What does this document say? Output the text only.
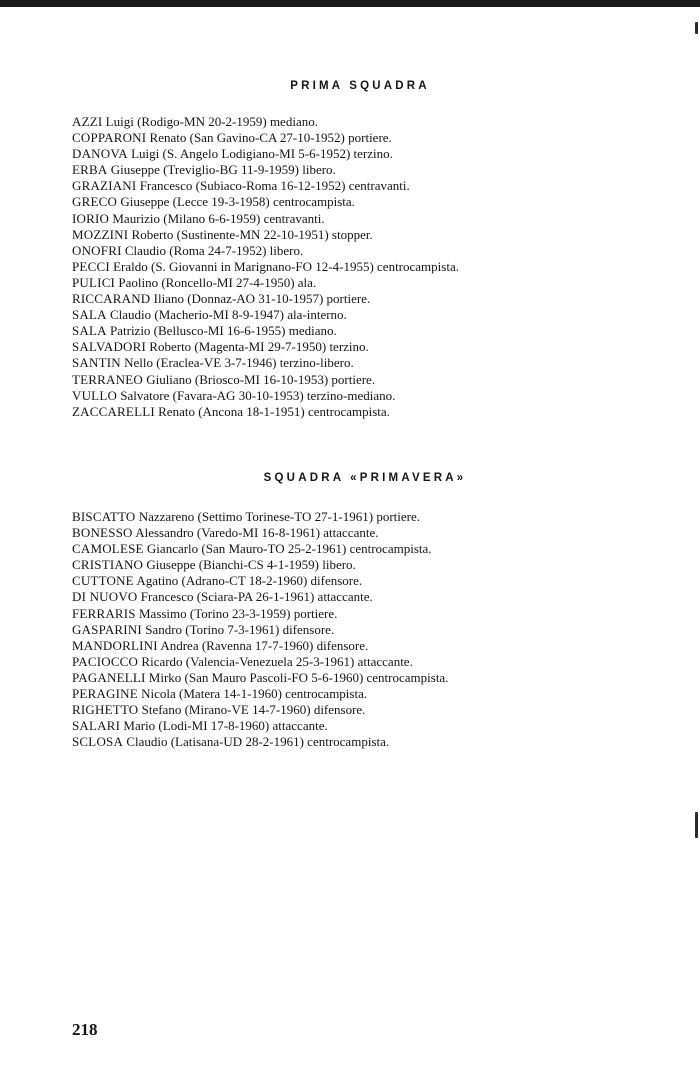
PRIMA SQUADRA
AZZI Luigi (Rodigo-MN 20-2-1959) mediano.
COPPARONI Renato (San Gavino-CA 27-10-1952) portiere.
DANOVA Luigi (S. Angelo Lodigiano-MI 5-6-1952) terzino.
ERBA Giuseppe (Treviglio-BG 11-9-1959) libero.
GRAZIANI Francesco (Subiaco-Roma 16-12-1952) centravanti.
GRECO Giuseppe (Lecce 19-3-1958) centrocampista.
IORIO Maurizio (Milano 6-6-1959) centravanti.
MOZZINI Roberto (Sustinente-MN 22-10-1951) stopper.
ONOFRI Claudio (Roma 24-7-1952) libero.
PECCI Eraldo (S. Giovanni in Marignano-FO 12-4-1955) centrocampista.
PULICI Paolino (Roncello-MI 27-4-1950) ala.
RICCARAND Iliano (Donnaz-AO 31-10-1957) portiere.
SALA Claudio (Macherio-MI 8-9-1947) ala-interno.
SALA Patrizio (Bellusco-MI 16-6-1955) mediano.
SALVADORI Roberto (Magenta-MI 29-7-1950) terzino.
SANTIN Nello (Eraclea-VE 3-7-1946) terzino-libero.
TERRANEO Giuliano (Briosco-MI 16-10-1953) portiere.
VULLO Salvatore (Favara-AG 30-10-1953) terzino-mediano.
ZACCARELLI Renato (Ancona 18-1-1951) centrocampista.
SQUADRA «PRIMAVERA»
BISCATTO Nazzareno (Settimo Torinese-TO 27-1-1961) portiere.
BONESSO Alessandro (Varedo-MI 16-8-1961) attaccante.
CAMOLESE Giancarlo (San Mauro-TO 25-2-1961) centrocampista.
CRISTIANO Giuseppe (Bianchi-CS 4-1-1959) libero.
CUTTONE Agatino (Adrano-CT 18-2-1960) difensore.
DI NUOVO Francesco (Sciara-PA 26-1-1961) attaccante.
FERRARIS Massimo (Torino 23-3-1959) portiere.
GASPARINI Sandro (Torino 7-3-1961) difensore.
MANDORLINI Andrea (Ravenna 17-7-1960) difensore.
PACIOCCO Ricardo (Valencia-Venezuela 25-3-1961) attaccante.
PAGANELLI Mirko (San Mauro Pascoli-FO 5-6-1960) centrocampista.
PERAGINE Nicola (Matera 14-1-1960) centrocampista.
RIGHETTO Stefano (Mirano-VE 14-7-1960) difensore.
SALARI Mario (Lodi-MI 17-8-1960) attaccante.
SCLOSA Claudio (Latisana-UD 28-2-1961) centrocampista.
218
